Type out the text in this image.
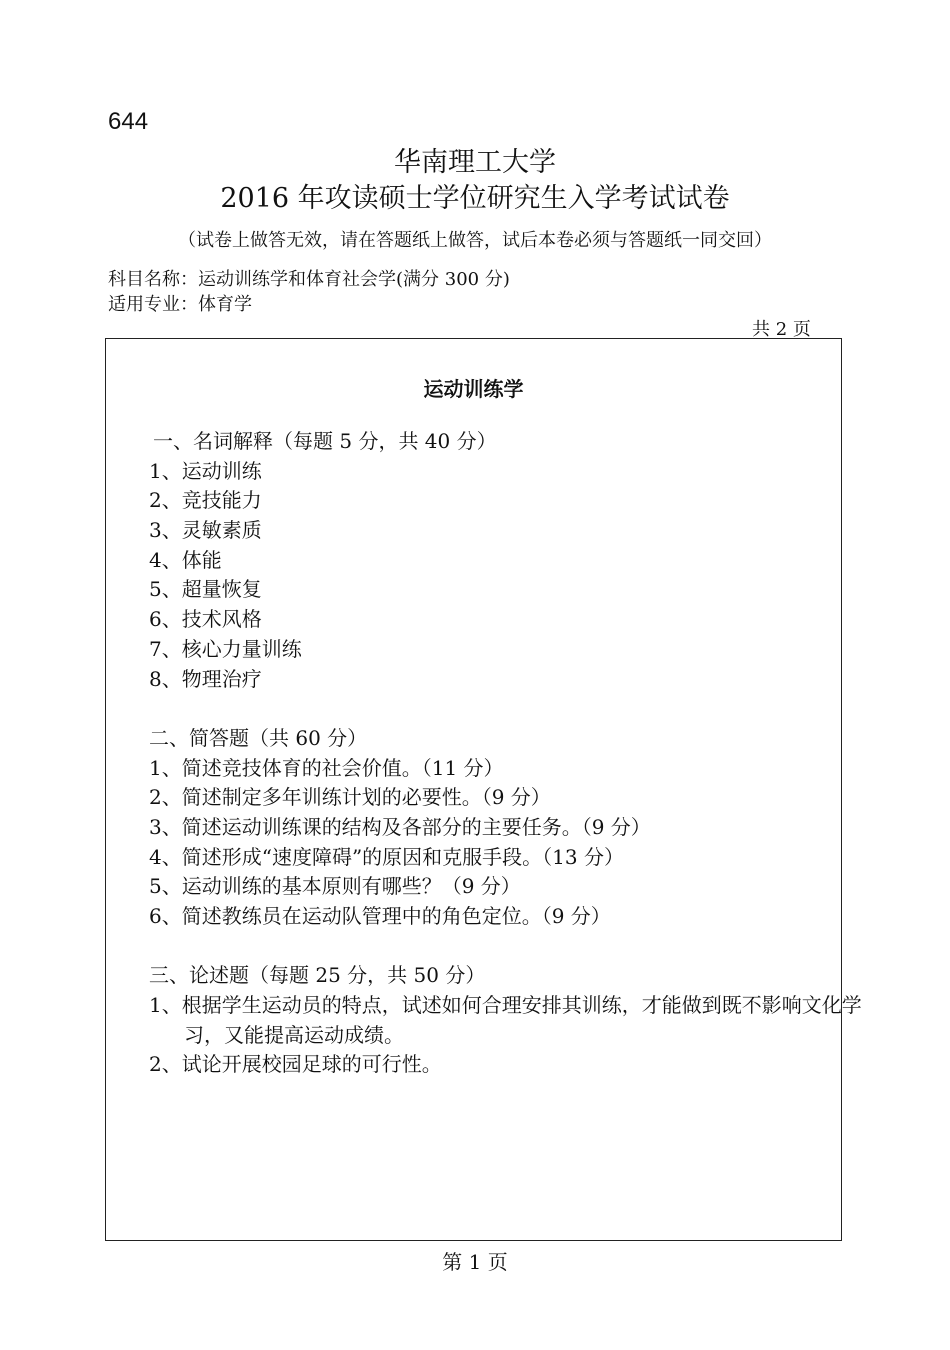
644
华南理工大学
2016 年攻读硕士学位研究生入学考试试卷
（试卷上做答无效，请在答题纸上做答，试后本卷必须与答题纸一同交回）
科目名称：运动训练学和体育社会学(满分 300 分)
适用专业：体育学
共 2 页
运动训练学
一、名词解释（每题 5 分，共 40 分）
1、运动训练
2、竞技能力
3、灵敏素质
4、体能
5、超量恢复
6、技术风格
7、核心力量训练
8、物理治疗
二、简答题（共 60 分）
1、简述竞技体育的社会价值。（11 分）
2、简述制定多年训练计划的必要性。（9 分）
3、简述运动训练课的结构及各部分的主要任务。（9 分）
4、简述形成“速度障碍”的原因和克服手段。（13 分）
5、运动训练的基本原则有哪些？（9 分）
6、简述教练员在运动队管理中的角色定位。（9 分）
三、论述题（每题 25 分，共 50 分）
1、根据学生运动员的特点，试述如何合理安排其训练，才能做到既不影响文化学习，又能提高运动成绩。
2、试论开展校园足球的可行性。
第 1 页
